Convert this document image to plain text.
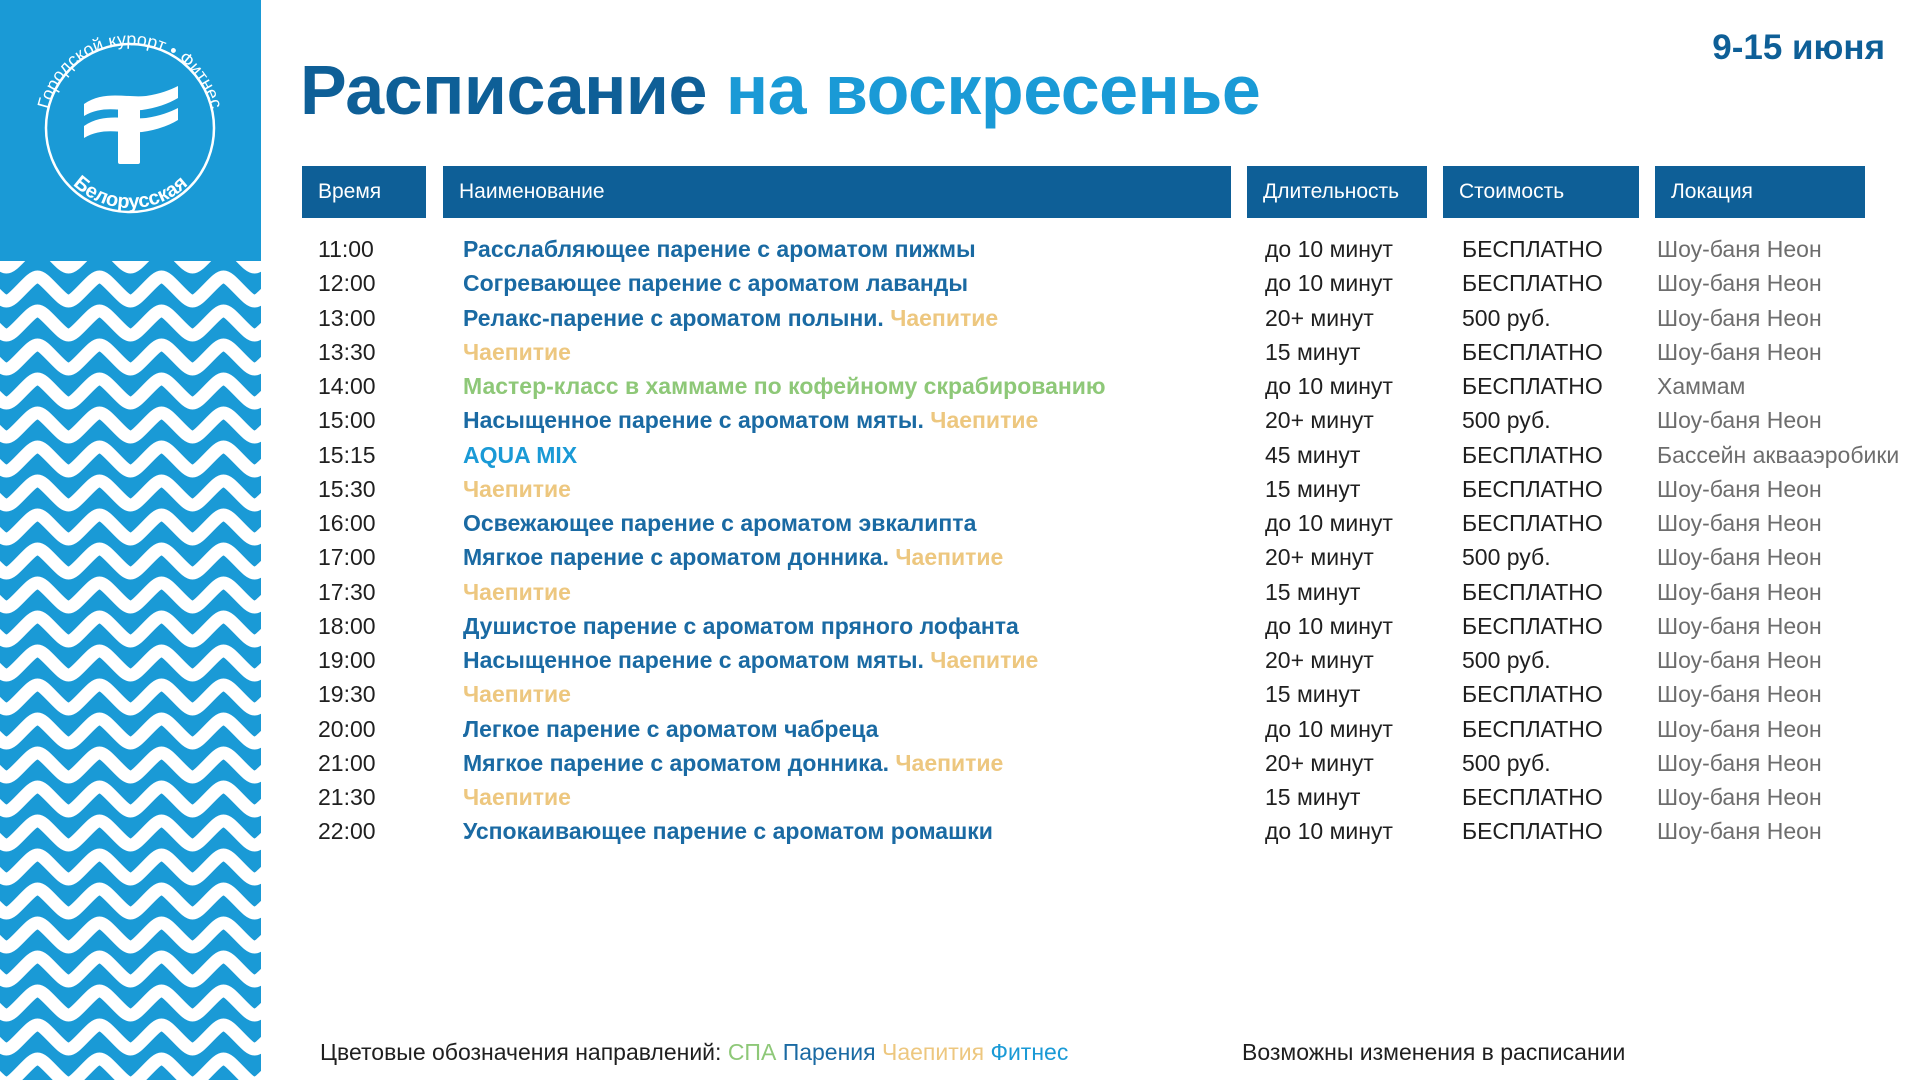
Городской курорт • Фитнес
Белорусская
Расписание на воскресенье
9-15 июня
Время	Наименование	Длительность	Стоимость	Локация
11:00	Расслабляющее парение с ароматом пижмы	до 10 минут	БЕСПЛАТНО Шоу-баня Неон
12:00	Согревающее парение с ароматом лаванды	до 10 минут	БЕСПЛАТНО Шоу-баня Неон
13:00	Релакс-парение с ароматом полыни. Чаепитие	20+ минут	500 руб.	Шоу-баня Неон
13:30	Чаепитие	15 минут	БЕСПЛАТНО Шоу-баня Неон
14:00	Мастер-класс в хаммаме по кофейному скрабированию	до 10 минут	БЕСПЛАТНО Хаммам
15:00	Насыщенное парение с ароматом мяты. Чаепитие	20+ минут	500 руб.	Шоу-баня Неон
15:15	AQUA MIX	45 минут	БЕСПЛАТНО Бассейн аквааэробики
15:30	Чаепитие	15 минут	БЕСПЛАТНО Шоу-баня Неон
16:00	Освежающее парение с ароматом эвкалипта	до 10 минут	БЕСПЛАТНО Шоу-баня Неон
17:00	Мягкое парение с ароматом донника. Чаепитие	20+ минут	500 руб.	Шоу-баня Неон
17:30	Чаепитие	15 минут	БЕСПЛАТНО Шоу-баня Неон
18:00	Душистое парение с ароматом пряного лофанта	до 10 минут	БЕСПЛАТНО Шоу-баня Неон
19:00	Насыщенное парение с ароматом мяты. Чаепитие	20+ минут	500 руб.	Шоу-баня Неон
19:30	Чаепитие	15 минут	БЕСПЛАТНО Шоу-баня Неон
20:00	Легкое парение с ароматом чабреца	до 10 минут	БЕСПЛАТНО Шоу-баня Неон
21:00	Мягкое парение с ароматом донника. Чаепитие	20+ минут	500 руб.	Шоу-баня Неон
21:30	Чаепитие	15 минут	БЕСПЛАТНО Шоу-баня Неон
22:00	Успокаивающее парение с ароматом ромашки	до 10 минут	БЕСПЛАТНО Шоу-баня Неон
Цветовые обозначения направлений: СПА Парения Чаепития Фитнес	Возможны изменения в расписании
